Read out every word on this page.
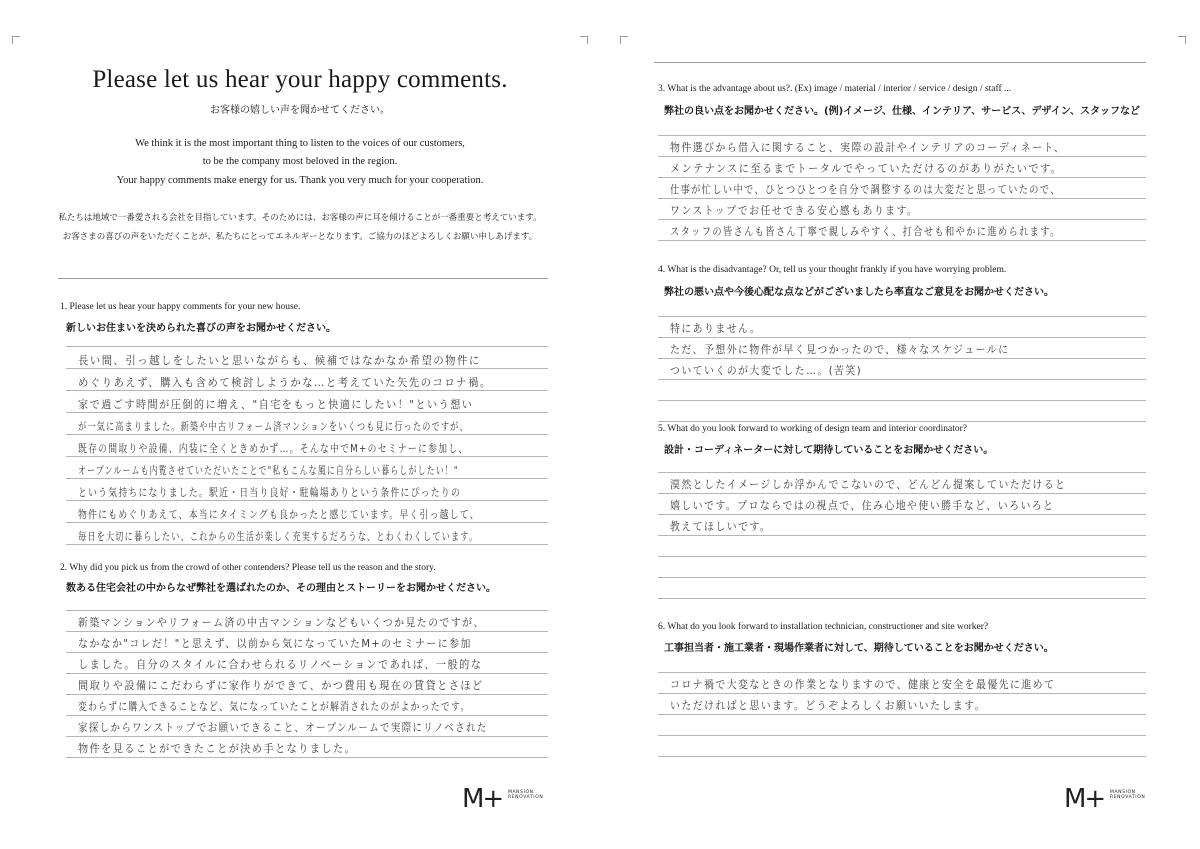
Please let us hear your happy comments.
お客様の嬉しい声を聞かせてください。
We think it is the most important thing to listen to the voices of our customers,
to be the company most beloved in the region.
Your happy comments make energy for us. Thank you very much for your cooperation.
私たちは地域で一番愛される会社を目指しています。そのためには、お客様の声に耳を傾けることが一番重要と考えています。
お客さまの喜びの声をいただくことが、私たちにとってエネルギーとなります。ご協力のほどよろしくお願い申しあげます。
1. Please let us hear your happy comments for your new house.
新しいお住まいを決められた喜びの声をお聞かせください。
長い間、引っ越しをしたいと思いながらも、候補ではなかなか希望の物件に
めぐりあえず、購入も含めて検討しようかな…と考えていた矢先のコロナ禍。
家で過ごす時間が圧倒的に増え、"自宅をもっと快適にしたい！"という想い
が一気に高まりました。新築や中古リフォーム済マンションをいくつも見に行ったのですが、
既存の間取りや設備、内装に全くときめかず…。そんな中でM+のセミナーに参加し、
オープンルームも内覧させていただいたことで"私もこんな風に自分らしい暮らしがしたい！"
という気持ちになりました。駅近・日当り良好・駐輪場ありという条件にぴったりの
物件にもめぐりあえて、本当にタイミングも良かったと感じています。早く引っ越して、
毎日を大切に暮らしたい、これからの生活が楽しく充実するだろうな、とわくわくしています。
2. Why did you pick us from the crowd of other contenders? Please tell us the reason and the story.
数ある住宅会社の中からなぜ弊社を選ばれたのか、その理由とストーリーをお聞かせください。
新築マンションやリフォーム済の中古マンションなどもいくつか見たのですが、
なかなか"コレだ！"と思えず、以前から気になっていたM+のセミナーに参加
しました。自分のスタイルに合わせられるリノベーションであれば、一般的な
間取りや設備にこだわらずに家作りができて、かつ費用も現在の賃貸とさほど
変わらずに購入できることなど、気になっていたことが解消されたのがよかったです。
家探しからワンストップでお願いできること、オープンルームで実際にリノベされた
物件を見ることができたことが決め手となりました。
M+ MANSION
RENOVATION
3. What is the advantage about us?. (Ex) image / material / interior / service / design / staff ...
弊社の良い点をお聞かせください。(例)イメージ、仕様、インテリア、サービス、デザイン、スタッフなど
物件選びから借入に関すること、実際の設計やインテリアのコーディネート、
メンテナンスに至るまでトータルでやっていただけるのがありがたいです。
仕事が忙しい中で、ひとつひとつを自分で調整するのは大変だと思っていたので、
ワンストップでお任せできる安心感もあります。
スタッフの皆さんも皆さん丁寧で親しみやすく、打合せも和やかに進められます。
4. What is the disadvantage? Or, tell us your thought frankly if you have worrying problem.
弊社の悪い点や今後心配な点などがございましたら率直なご意見をお聞かせください。
特にありません。
ただ、予想外に物件が早く見つかったので、様々なスケジュールに
ついていくのが大変でした…。(苦笑)
5. What do you look forward to working of design team and interior coordinator?
設計・コーディネーターに対して期待していることをお聞かせください。
漠然としたイメージしか浮かんでこないので、どんどん提案していただけると
嬉しいです。プロならではの視点で、住み心地や使い勝手など、いろいろと
教えてほしいです。
6. What do you look forward to installation technician, constructioner and site worker?
工事担当者・施工業者・現場作業者に対して、期待していることをお聞かせください。
コロナ禍で大変なときの作業となりますので、健康と安全を最優先に進めて
いただければと思います。どうぞよろしくお願いいたします。
M+ MANSION
RENOVATION
